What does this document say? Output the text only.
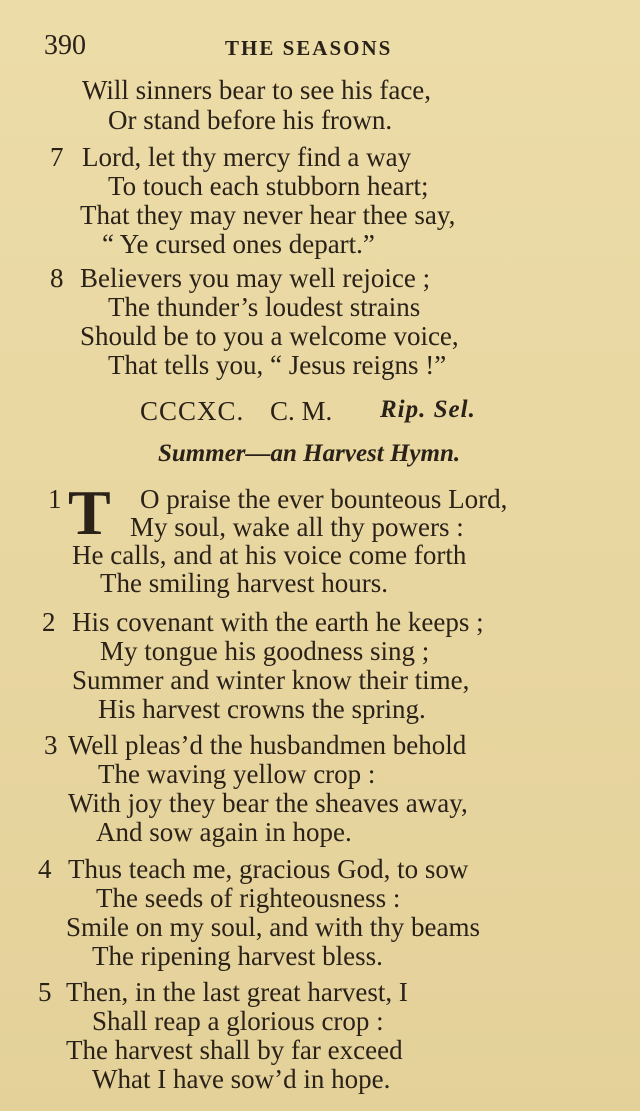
390	THE SEASONS
Will sinners bear to see his face,
Or stand before his frown.
7 Lord, let thy mercy find a way
To touch each stubborn heart;
That they may never hear thee say,
“ Ye cursed ones depart.”
8 Believers you may well rejoice ;
The thunder’s loudest strains
Should be to you a welcome voice,
That tells you, “ Jesus reigns !”
CCCXC. C. M. Rip. Sel.
Summer—an Harvest Hymn.
1 T O praise the ever bounteous Lord,
My soul, wake all thy powers :
He calls, and at his voice come forth
The smiling harvest hours.
2 His covenant with the earth he keeps ;
My tongue his goodness sing ;
Summer and winter know their time,
His harvest crowns the spring.
3 Well pleas’d the husbandmen behold
The waving yellow crop :
With joy they bear the sheaves away,
And sow again in hope.
4 Thus teach me, gracious God, to sow
The seeds of righteousness :
Smile on my soul, and with thy beams
The ripening harvest bless.
5 Then, in the last great harvest, I
Shall reap a glorious crop :
The harvest shall by far exceed
What I have sow’d in hope.
